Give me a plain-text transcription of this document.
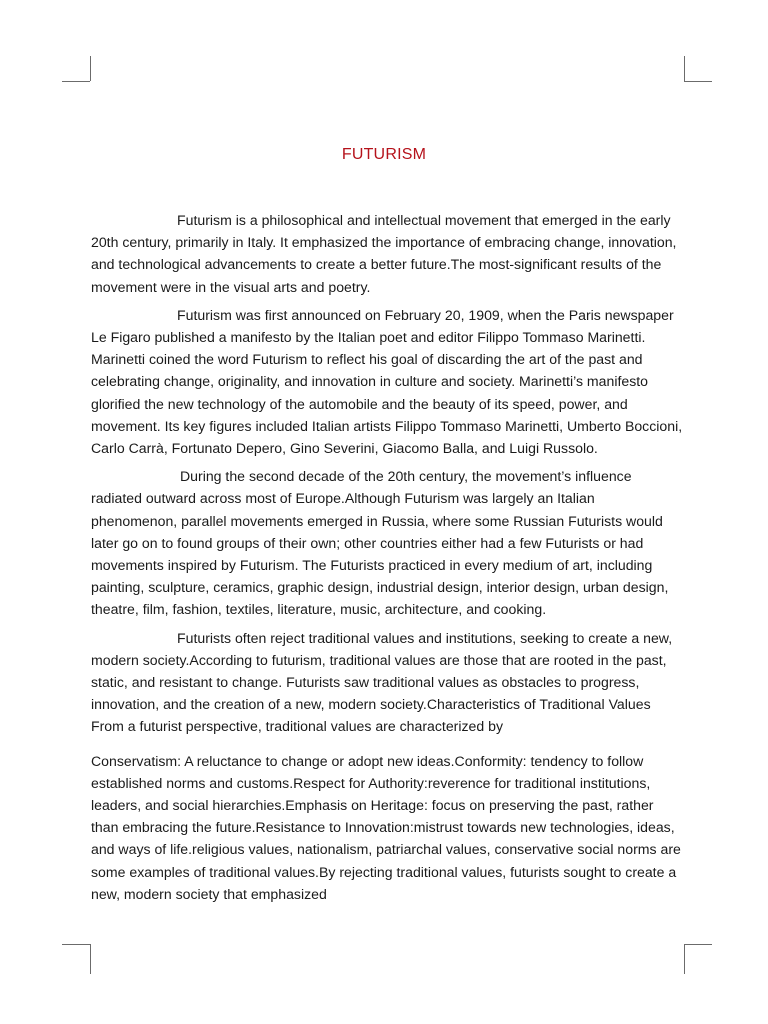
FUTURISM

Futurism is a philosophical and intellectual movement that emerged in the early 20th century, primarily in Italy. It emphasized the importance of embracing change, innovation, and technological advancements to create a better future.The most-significant results of the movement were in the visual arts and poetry.

Futurism was first announced on February 20, 1909, when the Paris newspaper Le Figaro published a manifesto by the Italian poet and editor Filippo Tommaso Marinetti. Marinetti coined the word Futurism to reflect his goal of discarding the art of the past and celebrating change, originality, and innovation in culture and society. Marinetti’s manifesto glorified the new technology of the automobile and the beauty of its speed, power, and movement. Its key figures included Italian artists Filippo Tommaso Marinetti, Umberto Boccioni, Carlo Carrà, Fortunato Depero, Gino Severini, Giacomo Balla, and Luigi Russolo.

During the second decade of the 20th century, the movement’s influence radiated outward across most of Europe.Although Futurism was largely an Italian phenomenon, parallel movements emerged in Russia, where some Russian Futurists would later go on to found groups of their own; other countries either had a few Futurists or had movements inspired by Futurism. The Futurists practiced in every medium of art, including painting, sculpture, ceramics, graphic design, industrial design, interior design, urban design, theatre, film, fashion, textiles, literature, music, architecture, and cooking.

Futurists often reject traditional values and institutions, seeking to create a new, modern society.According to futurism, traditional values are those that are rooted in the past, static, and resistant to change. Futurists saw traditional values as obstacles to progress, innovation, and the creation of a new, modern society.Characteristics of Traditional Values From a futurist perspective, traditional values are characterized by

Conservatism: A reluctance to change or adopt new ideas.Conformity: tendency to follow established norms and customs.Respect for Authority:reverence for traditional institutions, leaders, and social hierarchies.Emphasis on Heritage: focus on preserving the past, rather than embracing the future.Resistance to Innovation:mistrust towards new technologies, ideas, and ways of life.religious values, nationalism, patriarchal values, conservative social norms are some examples of traditional values.By rejecting traditional values, futurists sought to create a new, modern society that emphasized
